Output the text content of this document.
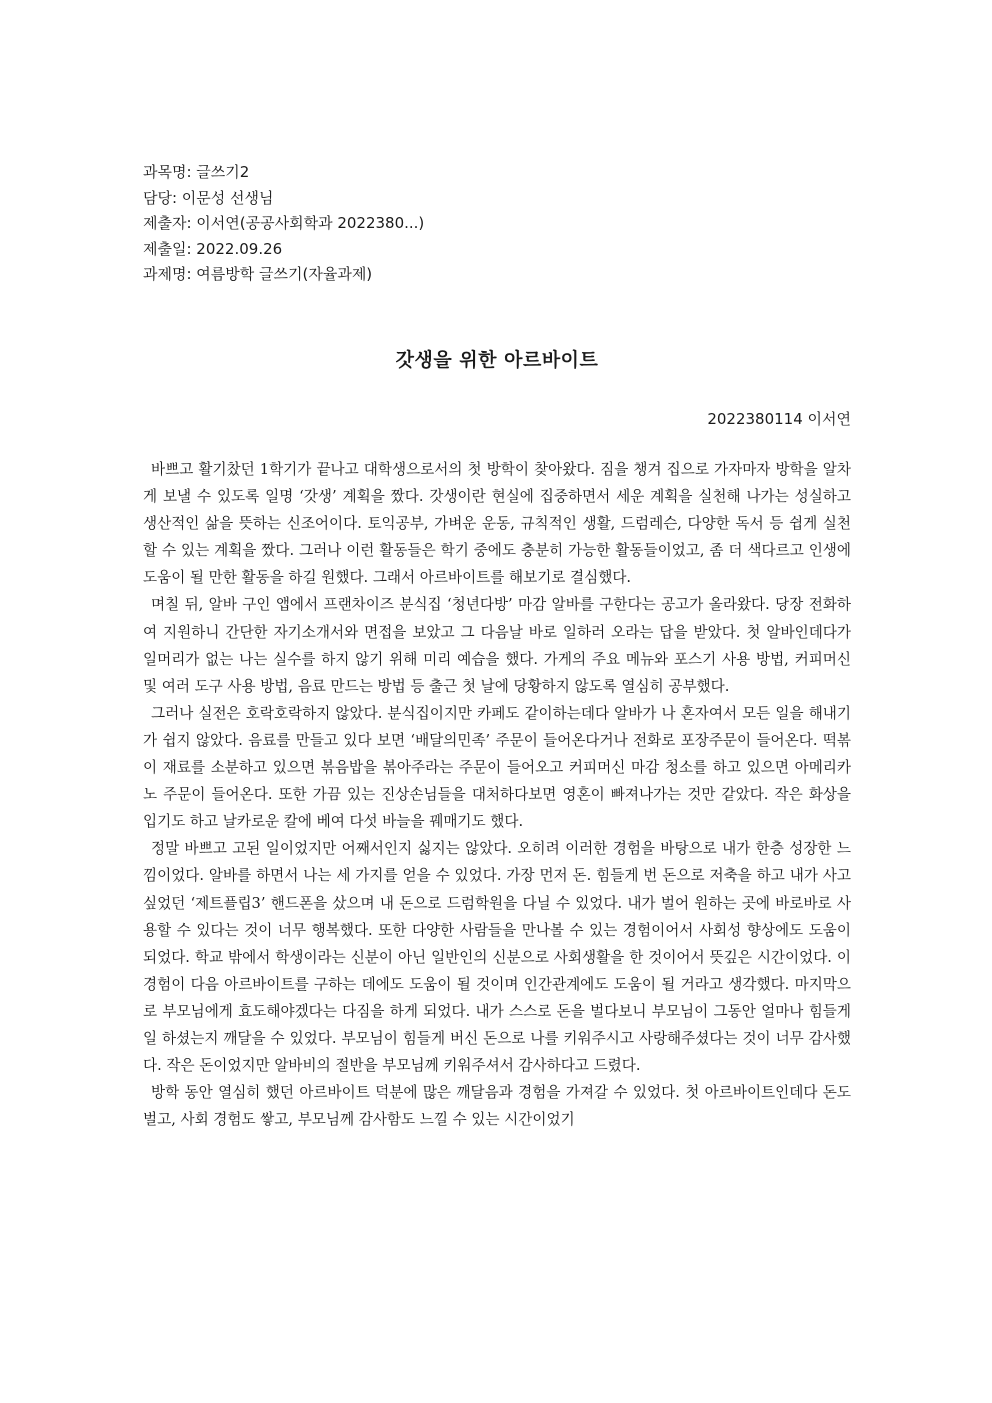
과목명: 글쓰기2
담당: 이문성 선생님
제출자: 이서연(공공사회학과 2022380...)
제출일: 2022.09.26
과제명: 여름방학 글쓰기(자율과제)
갓생을 위한 아르바이트
2022380114 이서연

바쁘고 활기찼던 1학기가 끝나고 대학생으로서의 첫 방학이 찾아왔다. 짐을 챙겨 집으로 가자마자 방학을 알차게 보낼 수 있도록 일명 ‘갓생’ 계획을 짰다. 갓생이란 현실에 집중하면서 세운 계획을 실천해 나가는 성실하고 생산적인 삶을 뜻하는 신조어이다. 토익공부, 가벼운 운동, 규칙적인 생활, 드럼레슨, 다양한 독서 등 쉽게 실천할 수 있는 계획을 짰다. 그러나 이런 활동들은 학기 중에도 충분히 가능한 활동들이었고, 좀 더 색다르고 인생에 도움이 될 만한 활동을 하길 원했다. 그래서 아르바이트를 해보기로 결심했다.

며칠 뒤, 알바 구인 앱에서 프랜차이즈 분식집 ‘청년다방’ 마감 알바를 구한다는 공고가 올라왔다. 당장 전화하여 지원하니 간단한 자기소개서와 면접을 보았고 그 다음날 바로 일하러 오라는 답을 받았다. 첫 알바인데다가 일머리가 없는 나는 실수를 하지 않기 위해 미리 예습을 했다. 가게의 주요 메뉴와 포스기 사용 방법, 커피머신 및 여러 도구 사용 방법, 음료 만드는 방법 등 출근 첫 날에 당황하지 않도록 열심히 공부했다.

그러나 실전은 호락호락하지 않았다. 분식집이지만 카페도 같이하는데다 알바가 나 혼자여서 모든 일을 해내기가 쉽지 않았다. 음료를 만들고 있다 보면 ‘배달의민족’ 주문이 들어온다거나 전화로 포장주문이 들어온다. 떡볶이 재료를 소분하고 있으면 볶음밥을 볶아주라는 주문이 들어오고 커피머신 마감 청소를 하고 있으면 아메리카노 주문이 들어온다. 또한 가끔 있는 진상손님들을 대처하다보면 영혼이 빠져나가는 것만 같았다. 작은 화상을 입기도 하고 날카로운 칼에 베여 다섯 바늘을 꿰매기도 했다.

정말 바쁘고 고된 일이었지만 어째서인지 싫지는 않았다. 오히려 이러한 경험을 바탕으로 내가 한층 성장한 느낌이었다. 알바를 하면서 나는 세 가지를 얻을 수 있었다. 가장 먼저 돈. 힘들게 번 돈으로 저축을 하고 내가 사고 싶었던 ‘제트플립3’ 핸드폰을 샀으며 내 돈으로 드럼학원을 다닐 수 있었다. 내가 벌어 원하는 곳에 바로바로 사용할 수 있다는 것이 너무 행복했다. 또한 다양한 사람들을 만나볼 수 있는 경험이어서 사회성 향상에도 도움이 되었다. 학교 밖에서 학생이라는 신분이 아닌 일반인의 신분으로 사회생활을 한 것이어서 뜻깊은 시간이었다. 이 경험이 다음 아르바이트를 구하는 데에도 도움이 될 것이며 인간관계에도 도움이 될 거라고 생각했다. 마지막으로 부모님에게 효도해야겠다는 다짐을 하게 되었다. 내가 스스로 돈을 벌다보니 부모님이 그동안 얼마나 힘들게 일 하셨는지 깨달을 수 있었다. 부모님이 힘들게 버신 돈으로 나를 키워주시고 사랑해주셨다는 것이 너무 감사했다. 작은 돈이었지만 알바비의 절반을 부모님께 키워주셔서 감사하다고 드렸다.

방학 동안 열심히 했던 아르바이트 덕분에 많은 깨달음과 경험을 가져갈 수 있었다. 첫 아르바이트인데다 돈도 벌고, 사회 경험도 쌓고, 부모님께 감사함도 느낄 수 있는 시간이었기
